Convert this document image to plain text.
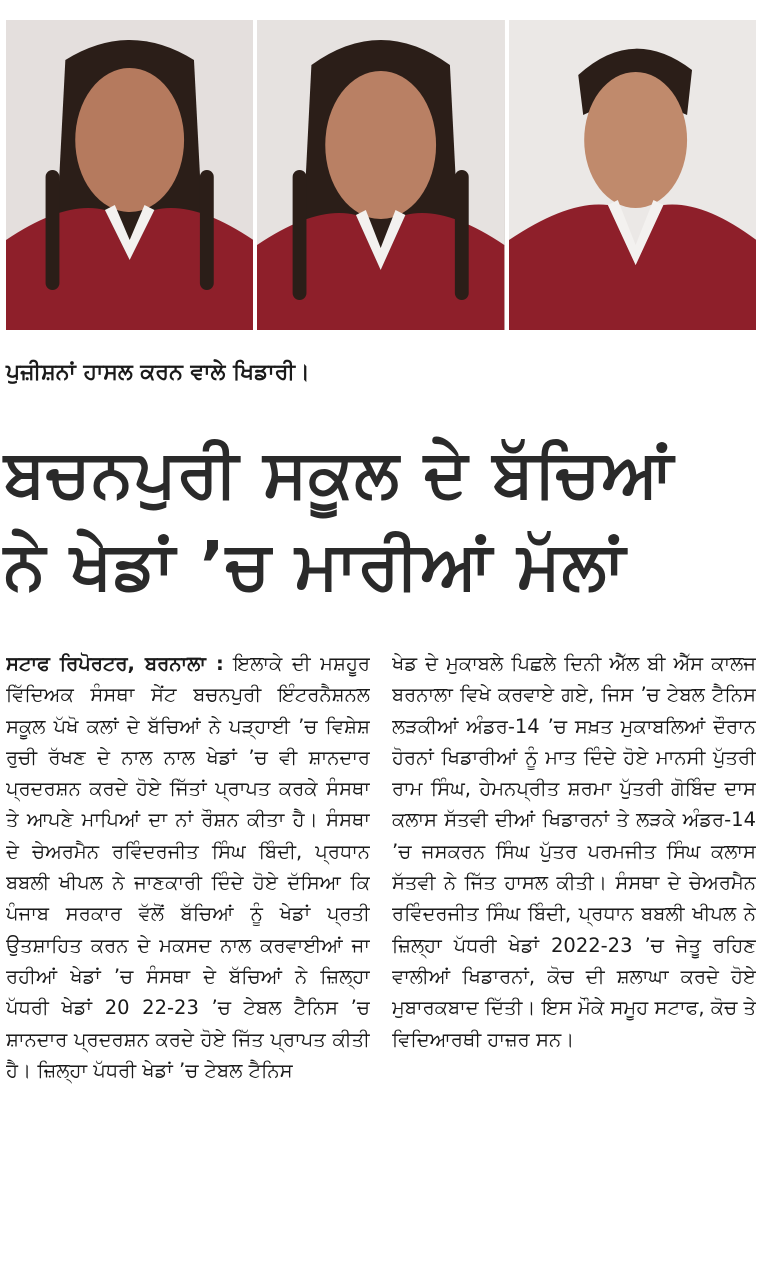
ਪੁਜ਼ੀਸ਼ਨਾਂ ਹਾਸਲ ਕਰਨ ਵਾਲੇ ਖਿਡਾਰੀ।
ਬਚਨਪੁਰੀ ਸਕੂਲ ਦੇ ਬੱਚਿਆਂ
ਨੇ ਖੇਡਾਂ ’ਚ ਮਾਰੀਆਂ ਮੱਲਾਂ
ਸਟਾਫ ਰਿਪੋਰਟਰ, ਬਰਨਾਲਾ : ਇਲਾਕੇ ਦੀ ਮਸ਼ਹੂਰ ਵਿੱਦਿਅਕ ਸੰਸਥਾ ਸੇਂਟ ਬਚਨਪੁਰੀ ਇੰਟਰਨੈਸ਼ਨਲ ਸਕੂਲ ਪੱਖੋ ਕਲਾਂ ਦੇ ਬੱਚਿਆਂ ਨੇ ਪੜ੍ਹਾਈ ’ਚ ਵਿਸ਼ੇਸ਼ ਰੁਚੀ ਰੱਖਣ ਦੇ ਨਾਲ ਨਾਲ ਖੇਡਾਂ ’ਚ ਵੀ ਸ਼ਾਨਦਾਰ ਪ੍ਰਦਰਸ਼ਨ ਕਰਦੇ ਹੋਏ ਜਿੱਤਾਂ ਪ੍ਰਾਪਤ ਕਰਕੇ ਸੰਸਥਾ ਤੇ ਆਪਣੇ ਮਾਪਿਆਂ ਦਾ ਨਾਂ ਰੌਸ਼ਨ ਕੀਤਾ ਹੈ। ਸੰਸਥਾ ਦੇ ਚੇਅਰਮੈਨ ਰਵਿੰਦਰਜੀਤ ਸਿੰਘ ਬਿੰਦੀ, ਪ੍ਰਧਾਨ ਬਬਲੀ ਖੀਪਲ ਨੇ ਜਾਣਕਾਰੀ ਦਿੰਦੇ ਹੋਏ ਦੱਸਿਆ ਕਿ ਪੰਜਾਬ ਸਰਕਾਰ ਵੱਲੋਂ ਬੱਚਿਆਂ ਨੂੰ ਖੇਡਾਂ ਪ੍ਰਤੀ ਉਤਸ਼ਾਹਿਤ ਕਰਨ ਦੇ ਮਕਸਦ ਨਾਲ ਕਰਵਾਈਆਂ ਜਾ ਰਹੀਆਂ ਖੇਡਾਂ ’ਚ ਸੰਸਥਾ ਦੇ ਬੱਚਿਆਂ ਨੇ ਜ਼ਿਲ੍ਹਾ ਪੱਧਰੀ ਖੇਡਾਂ 20 22-23 ’ਚ ਟੇਬਲ ਟੈਨਿਸ ’ਚ ਸ਼ਾਨਦਾਰ ਪ੍ਰਦਰਸ਼ਨ ਕਰਦੇ ਹੋਏ ਜਿੱਤ ਪ੍ਰਾਪਤ ਕੀਤੀ ਹੈ। ਜ਼ਿਲ੍ਹਾ ਪੱਧਰੀ ਖੇਡਾਂ ’ਚ ਟੇਬਲ ਟੈਨਿਸ
ਖੇਡ ਦੇ ਮੁਕਾਬਲੇ ਪਿਛਲੇ ਦਿਨੀ ਐੱਲ ਬੀ ਐੱਸ ਕਾਲਜ ਬਰਨਾਲਾ ਵਿਖੇ ਕਰਵਾਏ ਗਏ, ਜਿਸ ’ਚ ਟੇਬਲ ਟੈਨਿਸ ਲੜਕੀਆਂ ਅੰਡਰ-14 ’ਚ ਸਖ਼ਤ ਮੁਕਾਬਲਿਆਂ ਦੌਰਾਨ ਹੋਰਨਾਂ ਖਿਡਾਰੀਆਂ ਨੂੰ ਮਾਤ ਦਿੰਦੇ ਹੋਏ ਮਾਨਸੀ ਪੁੱਤਰੀ ਰਾਮ ਸਿੰਘ, ਹੇਮਨਪ੍ਰੀਤ ਸ਼ਰਮਾ ਪੁੱਤਰੀ ਗੋਬਿੰਦ ਦਾਸ ਕਲਾਸ ਸੱਤਵੀ ਦੀਆਂ ਖਿਡਾਰਨਾਂ ਤੇ ਲੜਕੇ ਅੰਡਰ-14 ’ਚ ਜਸਕਰਨ ਸਿੰਘ ਪੁੱਤਰ ਪਰਮਜੀਤ ਸਿੰਘ ਕਲਾਸ ਸੱਤਵੀ ਨੇ ਜਿੱਤ ਹਾਸਲ ਕੀਤੀ। ਸੰਸਥਾ ਦੇ ਚੇਅਰਮੈਨ ਰਵਿੰਦਰਜੀਤ ਸਿੰਘ ਬਿੰਦੀ, ਪ੍ਰਧਾਨ ਬਬਲੀ ਖੀਪਲ ਨੇ ਜ਼ਿਲ੍ਹਾ ਪੱਧਰੀ ਖੇਡਾਂ 2022-23 ’ਚ ਜੇਤੂ ਰਹਿਣ ਵਾਲੀਆਂ ਖਿਡਾਰਨਾਂ, ਕੋਚ ਦੀ ਸ਼ਲਾਘਾ ਕਰਦੇ ਹੋਏ ਮੁਬਾਰਕਬਾਦ ਦਿੱਤੀ। ਇਸ ਮੌਕੇ ਸਮੂਹ ਸਟਾਫ, ਕੋਚ ਤੇ ਵਿਦਿਆਰਥੀ ਹਾਜ਼ਰ ਸਨ।
